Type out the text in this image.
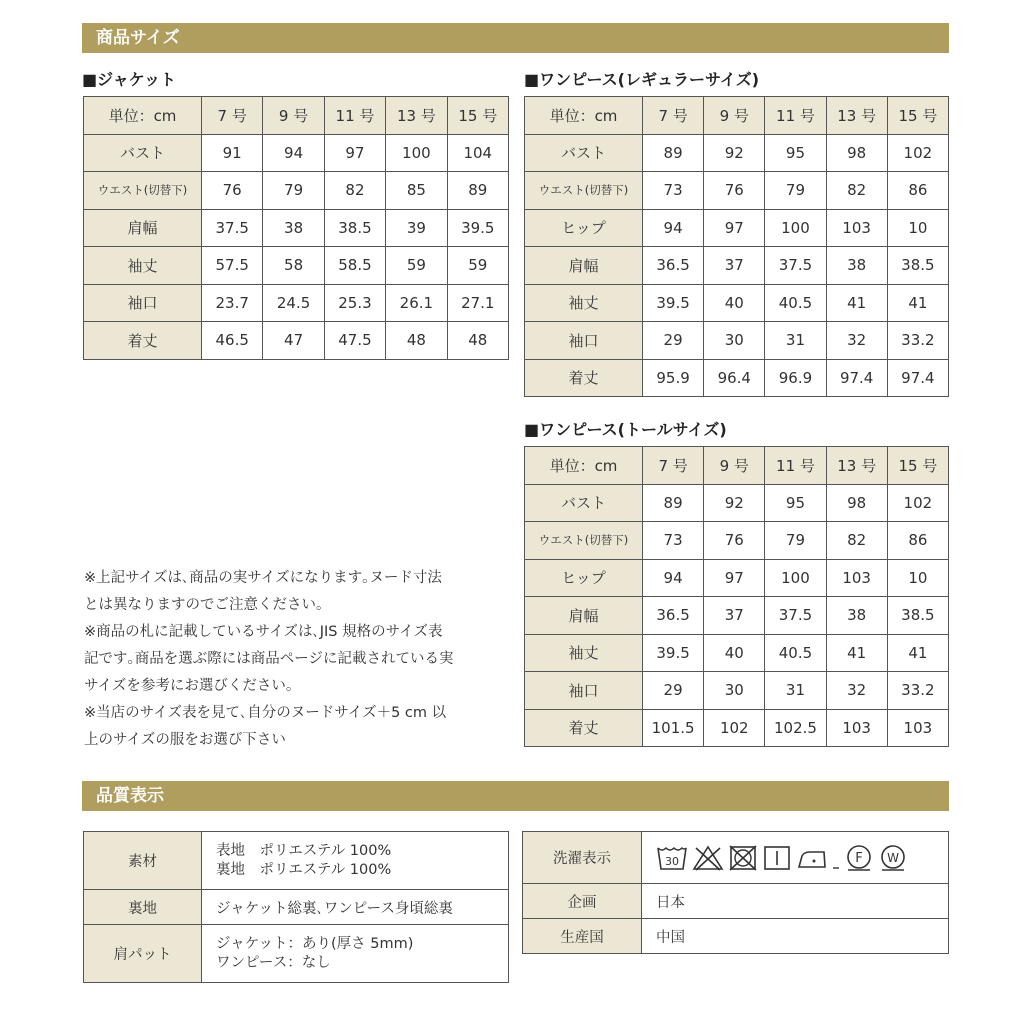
商品サイズ
■ジャケット
単位：cm	7 号	9 号	11 号	13 号	15 号
バスト	91	94	97	100	104
ウエスト(切替下)	76	79	82	85	89
肩幅	37.5	38	38.5	39	39.5
袖丈	57.5	58	58.5	59	59
袖口	23.7	24.5	25.3	26.1	27.1
着丈	46.5	47	47.5	48	48
■ワンピース(レギュラーサイズ)
単位：cm	7 号	9 号	11 号	13 号	15 号
バスト	89	92	95	98	102
ウエスト(切替下)	73	76	79	82	86
ヒップ	94	97	100	103	10
肩幅	36.5	37	37.5	38	38.5
袖丈	39.5	40	40.5	41	41
袖口	29	30	31	32	33.2
着丈	95.9	96.4	96.9	97.4	97.4
■ワンピース(トールサイズ)
単位：cm	7 号	9 号	11 号	13 号	15 号
バスト	89	92	95	98	102
ウエスト(切替下)	73	76	79	82	86
ヒップ	94	97	100	103	10
肩幅	36.5	37	37.5	38	38.5
袖丈	39.5	40	40.5	41	41
袖口	29	30	31	32	33.2
着丈	101.5	102	102.5	103	103
※上記サイズは､商品の実サイズになります｡ヌード寸法
とは異なりますのでご注意ください｡
※商品の札に記載しているサイズは､JIS 規格のサイズ表
記です｡商品を選ぶ際には商品ページに記載されている実
サイズを参考にお選びください｡
※当店のサイズ表を見て､自分のヌードサイズ＋5 cm 以
上のサイズの服をお選び下さい
品質表示
素材	表地　ポリエステル 100%
裏地　ポリエステル 100%

裏地	ジャケット総裏､ワンピース身頃総裏
肩パット	ジャケット：あり(厚さ 5mm)
ワンピース：なし
洗濯表示	30 F W

企画	日本
生産国	中国
